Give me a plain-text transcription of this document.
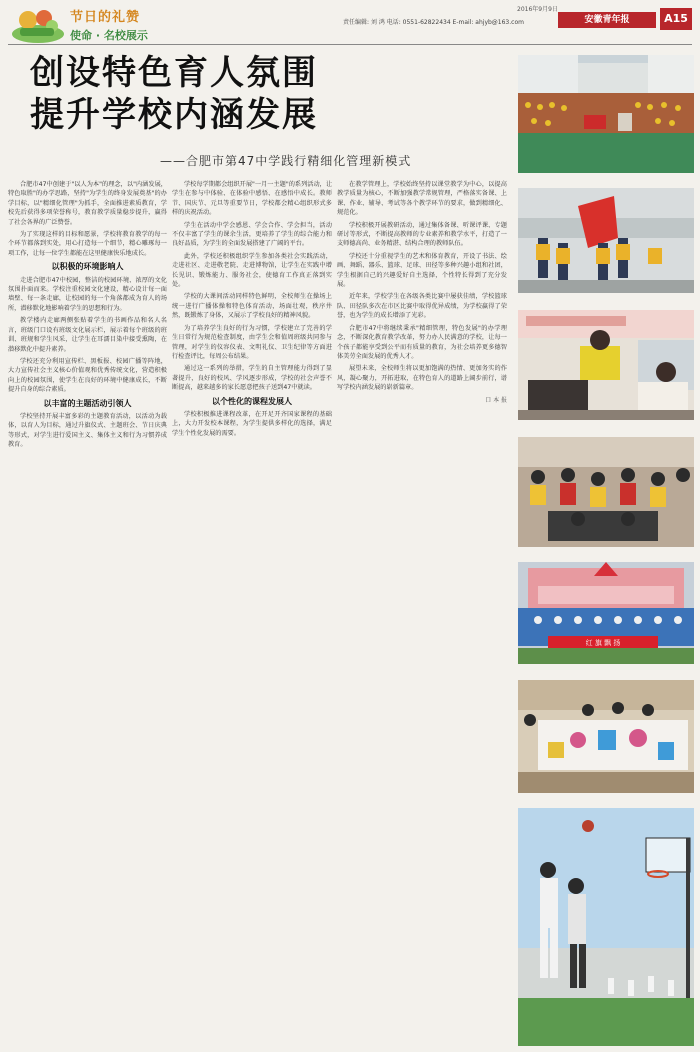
节日的礼赞
使命 · 名校展示
2016年9月9日
责任编辑: 刘 鸿 电话: 0551-62822434 E-mail: ahjyb@163.com	安徽青年报	A15
创设特色育人氛围
提升学校内涵发展
——合肥市第47中学践行精细化管理新模式

合肥市47中创建于"以人为本"的理念，以"内涵发展，特色取胜"的办学思路，坚持"为学生的终身发展奠基"的办学目标，以"精细化管理"为抓手，全面推进素质教育，学校先后获得多项荣誉称号，教育教学质量稳步提升，赢得了社会各界的广泛赞誉。

为了实现这样的目标和愿景，学校将教育教学的每一个环节都落到实处，用心打造每一个细节，精心雕琢每一项工作，让每一位学生都能在这里健康快乐地成长。

以积极的环境影响人

走进合肥市47中校园，整洁的校园环境、浓厚的文化氛围扑面而来。学校注重校园文化建设，精心设计每一面墙壁、每一条走廊，让校园的每一个角落都成为育人的场所，潜移默化地影响着学生的思想和行为。

教学楼内走廊两侧张贴着学生的书画作品和名人名言，班级门口设有班级文化展示栏，展示着每个班级的班训、班规和学生风采，让学生在耳濡目染中接受熏陶，在潜移默化中提升素养。

学校还充分利用宣传栏、黑板报、校园广播等阵地，大力宣传社会主义核心价值观和优秀传统文化，营造积极向上的校园氛围，使学生在良好的环境中健康成长，不断提升自身的综合素质。

以丰富的主题活动引领人

学校坚持开展丰富多彩的主题教育活动，以活动为载体，以育人为目标，通过升旗仪式、主题班会、节日庆典等形式，对学生进行爱国主义、集体主义和行为习惯养成教育。

学校每学期都会组织开展"一月一主题"的系列活动，让学生在参与中体验、在体验中感悟、在感悟中成长。教师节、国庆节、元旦等重要节日，学校都会精心组织形式多样的庆祝活动。

学生在活动中学会感恩、学会合作、学会担当，活动不仅丰富了学生的课余生活，更培养了学生的综合能力和良好品质，为学生的全面发展搭建了广阔的平台。

此外，学校还积极组织学生参加各类社会实践活动，走进社区、走进敬老院、走进博物馆，让学生在实践中增长见识、锻炼能力、服务社会，使德育工作真正落到实处。

学校的大课间活动同样特色鲜明，全校师生在操场上统一进行广播体操和特色体育活动，场面壮观，秩序井然，既锻炼了身体，又展示了学校良好的精神风貌。

为了培养学生良好的行为习惯，学校建立了完善的学生日常行为规范检查制度，由学生会和值周班级共同参与管理，对学生的仪容仪表、文明礼仪、卫生纪律等方面进行检查评比，每周公布结果。

通过这一系列的举措，学生的自主管理能力得到了显著提升，良好的校风、学风逐步形成，学校的社会声誉不断提高，越来越多的家长愿意把孩子送到47中就读。

以个性化的课程发展人

学校积极推进课程改革，在开足开齐国家课程的基础上，大力开发校本课程，为学生提供多样化的选择，满足学生个性化发展的需要。

在教学管理上，学校始终坚持以课堂教学为中心，以提高教学质量为核心，不断加强教学常规管理，严格落实备课、上课、作业、辅导、考试等各个教学环节的要求，做到精细化、规范化。

学校积极开展教研活动，通过集体备课、听课评课、专题研讨等形式，不断提高教师的专业素养和教学水平，打造了一支师德高尚、业务精湛、结构合理的教师队伍。

学校还十分重视学生的艺术和体育教育，开设了书法、绘画、舞蹈、器乐、篮球、足球、田径等多种兴趣小组和社团，学生根据自己的兴趣爱好自主选择，个性特长得到了充分发展。

近年来，学校学生在各级各类比赛中屡获佳绩，学校篮球队、田径队多次在市区比赛中取得优异成绩，为学校赢得了荣誉，也为学生的成长增添了光彩。

合肥市47中将继续秉承"精细管理，特色发展"的办学理念，不断深化教育教学改革，努力办人民满意的学校，让每一个孩子都能享受到公平而有质量的教育，为社会培养更多德智体美劳全面发展的优秀人才。

展望未来，全校师生将以更加饱满的热情、更加务实的作风，凝心聚力，开拓进取，在特色育人的道路上阔步前行，谱写学校内涵发展的崭新篇章。

口 本 报
红 旗 飘 扬
